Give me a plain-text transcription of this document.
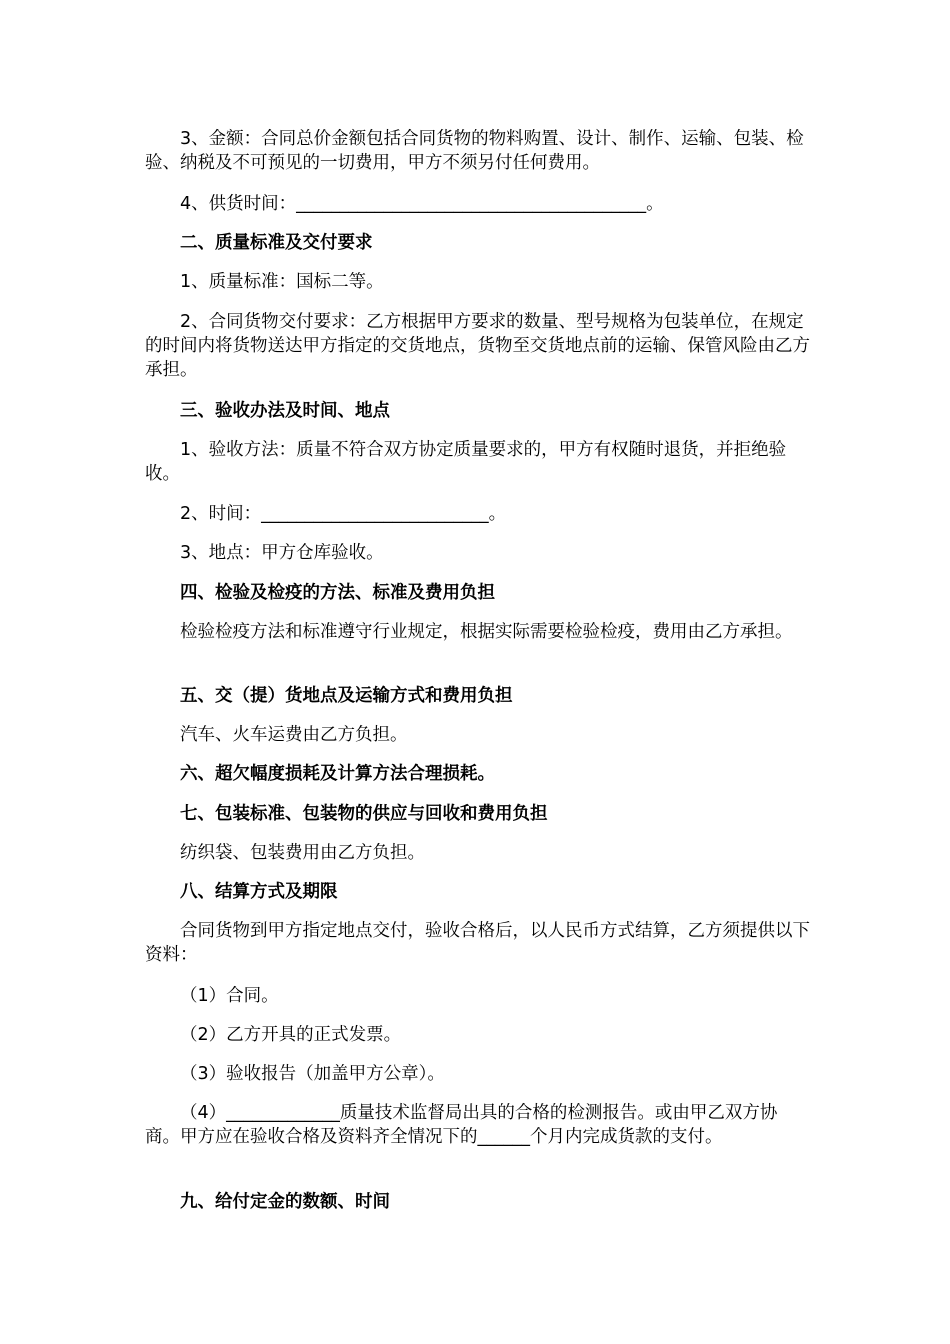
3、金额：合同总价金额包括合同货物的物料购置、设计、制作、运输、包装、检验、纳税及不可预见的一切费用，甲方不须另付任何费用。
4、供货时间：________________________________________。
二、质量标准及交付要求
1、质量标准：国标二等。
2、合同货物交付要求：乙方根据甲方要求的数量、型号规格为包装单位，在规定的时间内将货物送达甲方指定的交货地点，货物至交货地点前的运输、保管风险由乙方承担。
三、验收办法及时间、地点
1、验收方法：质量不符合双方协定质量要求的，甲方有权随时退货，并拒绝验收。
2、时间：__________________________。
3、地点：甲方仓库验收。
四、检验及检疫的方法、标准及费用负担
检验检疫方法和标准遵守行业规定，根据实际需要检验检疫，费用由乙方承担。
五、交（提）货地点及运输方式和费用负担
汽车、火车运费由乙方负担。
六、超欠幅度损耗及计算方法合理损耗。
七、包装标准、包装物的供应与回收和费用负担
纺织袋、包装费用由乙方负担。
八、结算方式及期限
合同货物到甲方指定地点交付，验收合格后，以人民币方式结算，乙方须提供以下资料：
（1）合同。
（2）乙方开具的正式发票。
（3）验收报告（加盖甲方公章）。
（4）_____________质量技术监督局出具的合格的检测报告。或由甲乙双方协商。甲方应在验收合格及资料齐全情况下的______个月内完成货款的支付。
九、给付定金的数额、时间
